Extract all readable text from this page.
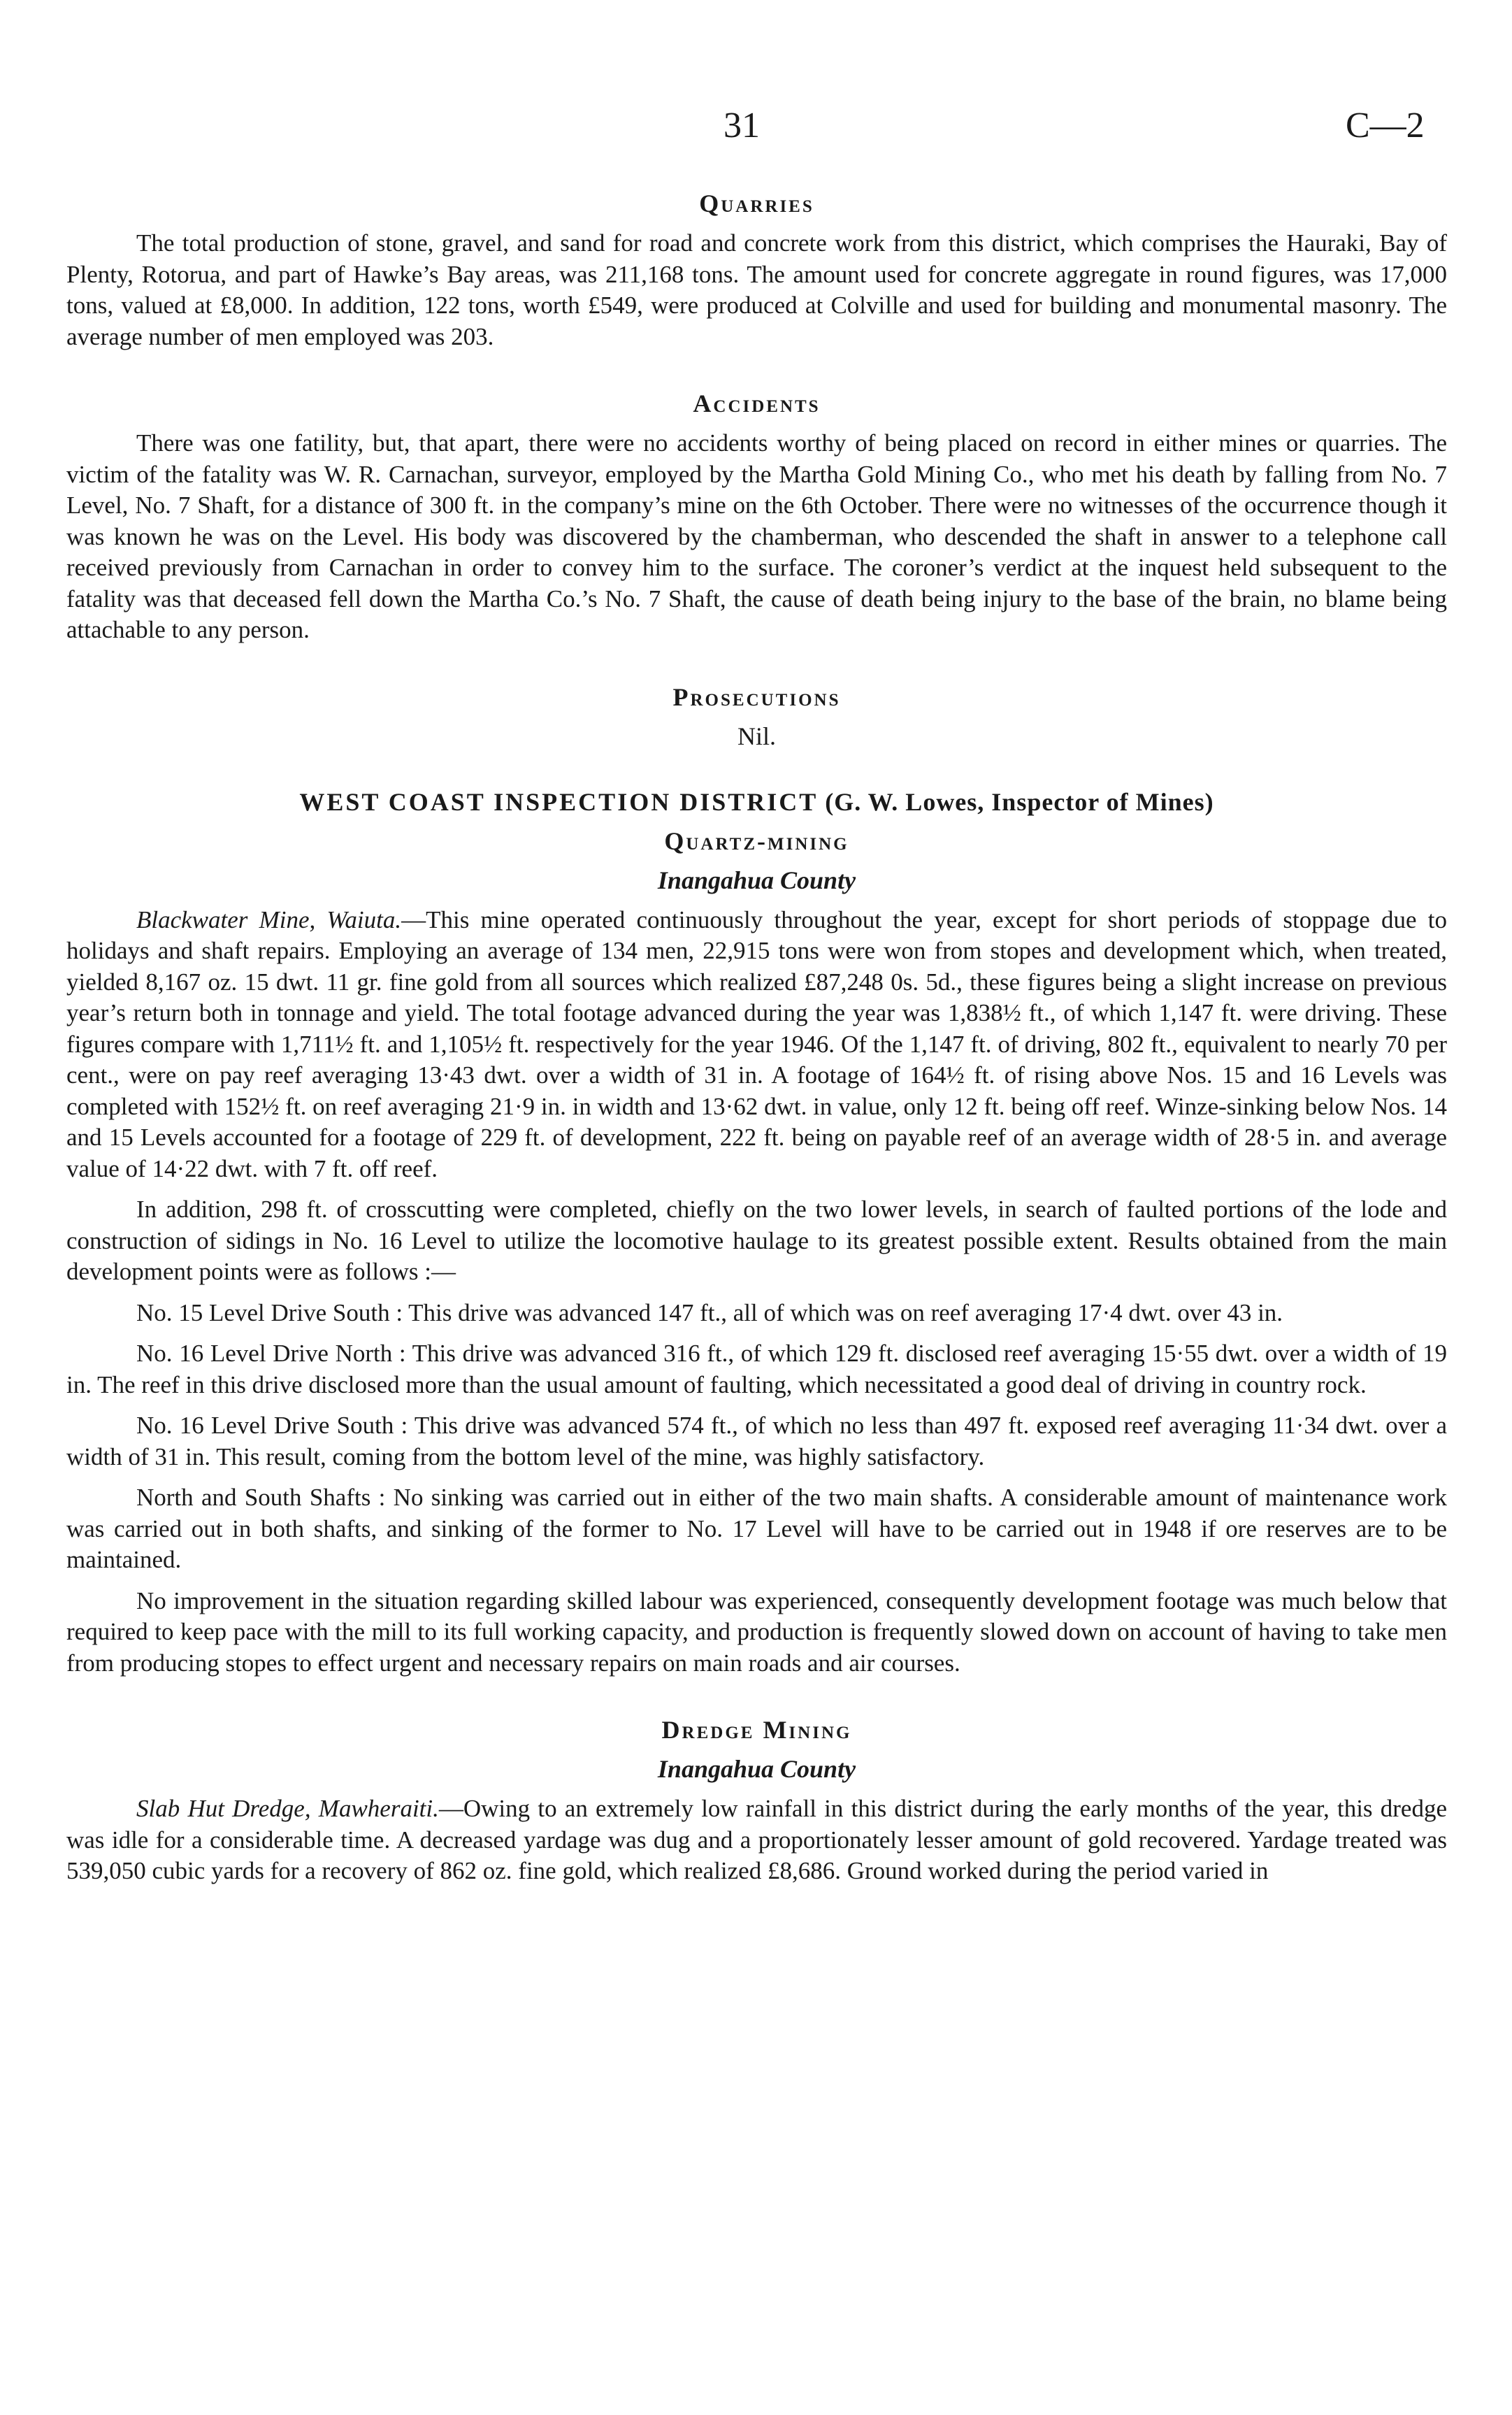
31	C—2
Quarries

The total production of stone, gravel, and sand for road and concrete work from this district, which comprises the Hauraki, Bay of Plenty, Rotorua, and part of Hawke’s Bay areas, was 211,168 tons. The amount used for concrete aggregate in round figures, was 17,000 tons, valued at £8,000. In addition, 122 tons, worth £549, were produced at Colville and used for building and monumental masonry. The average number of men employed was 203.

Accidents

There was one fatility, but, that apart, there were no accidents worthy of being placed on record in either mines or quarries. The victim of the fatality was W. R. Carnachan, surveyor, employed by the Martha Gold Mining Co., who met his death by falling from No. 7 Level, No. 7 Shaft, for a distance of 300 ft. in the company’s mine on the 6th October. There were no witnesses of the occurrence though it was known he was on the Level. His body was discovered by the chamberman, who descended the shaft in answer to a telephone call received previously from Carnachan in order to convey him to the surface. The coroner’s verdict at the inquest held subsequent to the fatality was that deceased fell down the Martha Co.’s No. 7 Shaft, the cause of death being injury to the base of the brain, no blame being attachable to any person.

Prosecutions

Nil.

WEST COAST INSPECTION DISTRICT (G. W. Lowes, Inspector of Mines)
Quartz-mining
Inangahua County

Blackwater Mine, Waiuta.—This mine operated continuously throughout the year, except for short periods of stoppage due to holidays and shaft repairs. Employing an average of 134 men, 22,915 tons were won from stopes and development which, when treated, yielded 8,167 oz. 15 dwt. 11 gr. fine gold from all sources which realized £87,248 0s. 5d., these figures being a slight increase on previous year’s return both in tonnage and yield. The total footage advanced during the year was 1,838½ ft., of which 1,147 ft. were driving. These figures compare with 1,711½ ft. and 1,105½ ft. respectively for the year 1946. Of the 1,147 ft. of driving, 802 ft., equivalent to nearly 70 per cent., were on pay reef averaging 13·43 dwt. over a width of 31 in. A footage of 164½ ft. of rising above Nos. 15 and 16 Levels was completed with 152½ ft. on reef averaging 21·9 in. in width and 13·62 dwt. in value, only 12 ft. being off reef. Winze-sinking below Nos. 14 and 15 Levels accounted for a footage of 229 ft. of development, 222 ft. being on payable reef of an average width of 28·5 in. and average value of 14·22 dwt. with 7 ft. off reef.

In addition, 298 ft. of crosscutting were completed, chiefly on the two lower levels, in search of faulted portions of the lode and construction of sidings in No. 16 Level to utilize the locomotive haulage to its greatest possible extent. Results obtained from the main development points were as follows :—

No. 15 Level Drive South : This drive was advanced 147 ft., all of which was on reef averaging 17·4 dwt. over 43 in.

No. 16 Level Drive North : This drive was advanced 316 ft., of which 129 ft. disclosed reef averaging 15·55 dwt. over a width of 19 in. The reef in this drive disclosed more than the usual amount of faulting, which necessitated a good deal of driving in country rock.

No. 16 Level Drive South : This drive was advanced 574 ft., of which no less than 497 ft. exposed reef averaging 11·34 dwt. over a width of 31 in. This result, coming from the bottom level of the mine, was highly satisfactory.

North and South Shafts : No sinking was carried out in either of the two main shafts. A considerable amount of maintenance work was carried out in both shafts, and sinking of the former to No. 17 Level will have to be carried out in 1948 if ore reserves are to be maintained.

No improvement in the situation regarding skilled labour was experienced, consequently development footage was much below that required to keep pace with the mill to its full working capacity, and production is frequently slowed down on account of having to take men from producing stopes to effect urgent and necessary repairs on main roads and air courses.

Dredge Mining
Inangahua County

Slab Hut Dredge, Mawheraiti.—Owing to an extremely low rainfall in this district during the early months of the year, this dredge was idle for a considerable time. A decreased yardage was dug and a proportionately lesser amount of gold recovered. Yardage treated was 539,050 cubic yards for a recovery of 862 oz. fine gold, which realized £8,686. Ground worked during the period varied in
